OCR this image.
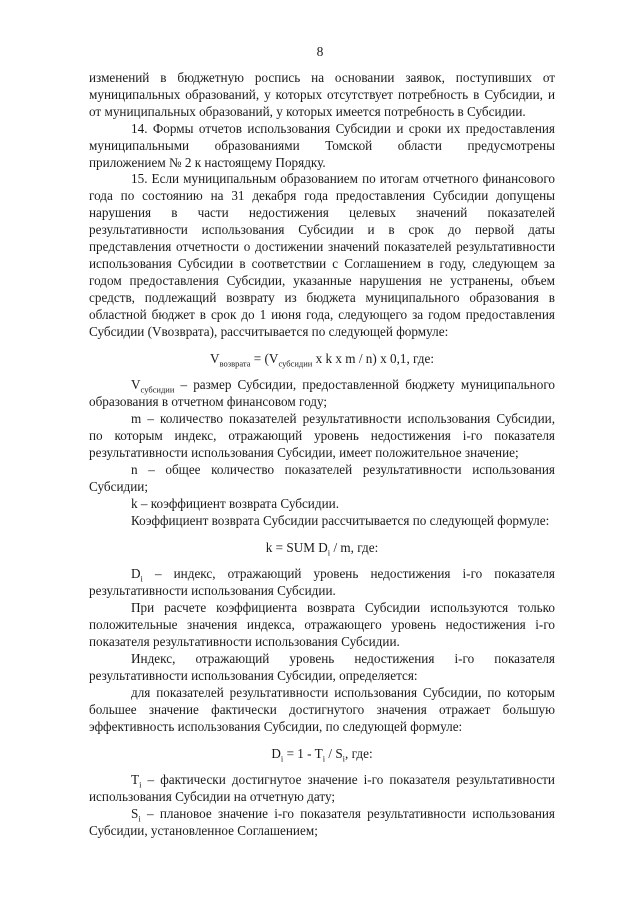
8

изменений в бюджетную роспись на основании заявок, поступивших от муниципальных образований, у которых отсутствует потребность в Субсидии, и от муниципальных образований, у которых имеется потребность в Субсидии.

14. Формы отчетов использования Субсидии и сроки их предоставления муниципальными образованиями Томской области предусмотрены

приложением № 2 к настоящему Порядку.

15. Если муниципальным образованием по итогам отчетного финансового года по состоянию на 31 декабря года предоставления Субсидии допущены нарушения в части недостижения целевых значений показателей результативности использования Субсидии и в срок до первой даты представления отчетности о достижении значений показателей результативности использования Субсидии в соответствии с Соглашением в году, следующем за годом предоставления Субсидии, указанные нарушения не устранены, объем средств, подлежащий возврату из бюджета муниципального образования в областной бюджет в срок до 1 июня года, следующего за годом предоставления Субсидии (Vвозврата), рассчитывается по следующей формуле:

$V_{возврата} = (V_{субсидии}$ x k x m / n) x 0,1, где:

$V_{субсидии}$ – размер Субсидии, предоставленной бюджету муниципального образования в отчетном финансовом году;

m – количество показателей результативности использования Субсидии, по которым индекс, отражающий уровень недостижения i-го показателя результативности использования Субсидии, имеет положительное значение;

n – общее количество показателей результативности использования Субсидии;

k – коэффициент возврата Субсидии.

Коэффициент возврата Субсидии рассчитывается по следующей формуле:

k = SUM $D_i$ / m, где:

$D_i$ – индекс, отражающий уровень недостижения i-го показателя результативности использования Субсидии.

При расчете коэффициента возврата Субсидии используются только положительные значения индекса, отражающего уровень недостижения i-го показателя результативности использования Субсидии.

Индекс, отражающий уровень недостижения i-го показателя результативности использования Субсидии, определяется:

для показателей результативности использования Субсидии, по которым большее значение фактически достигнутого значения отражает большую эффективность использования Субсидии, по следующей формуле:

$D_i = 1 - T_i / S_i$, где:

$T_i$ – фактически достигнутое значение i-го показателя результативности использования Субсидии на отчетную дату;

$S_i$ – плановое значение i-го показателя результативности использования Субсидии, установленное Соглашением;
